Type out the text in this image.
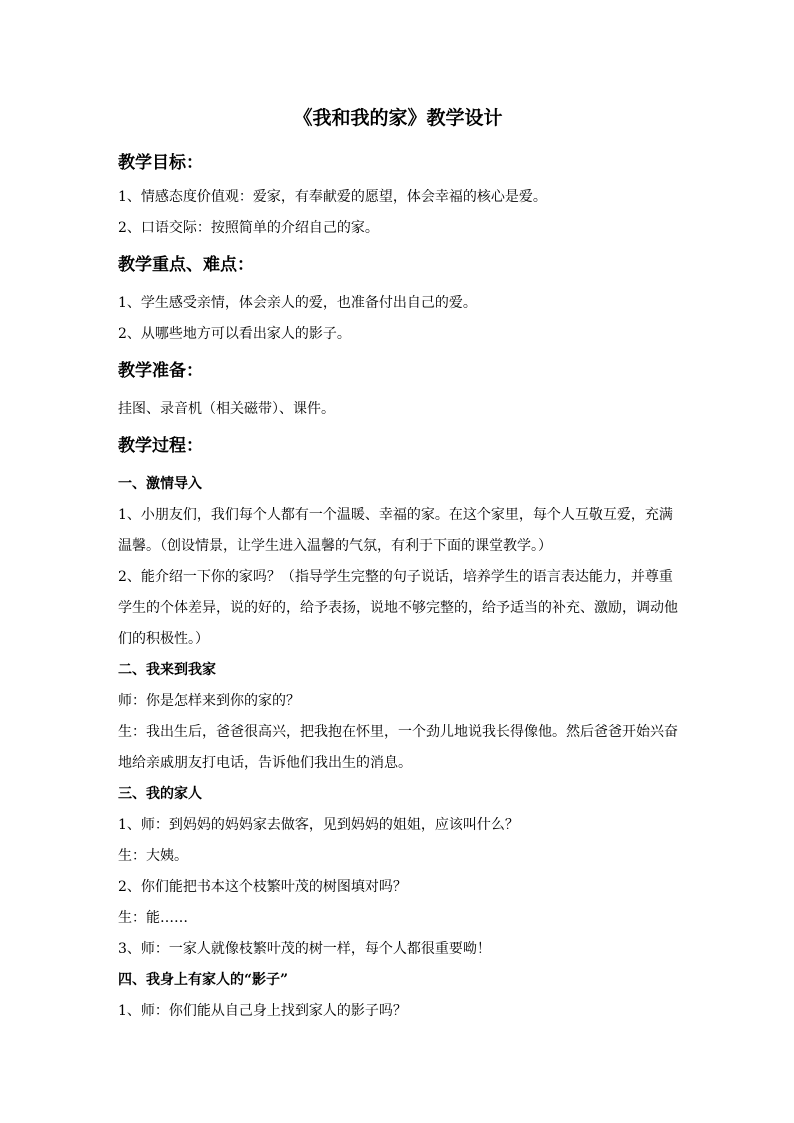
《我和我的家》教学设计
教学目标：
1、情感态度价值观：爱家，有奉献爱的愿望，体会幸福的核心是爱。
2、口语交际：按照简单的介绍自己的家。
教学重点、难点：
1、学生感受亲情，体会亲人的爱，也准备付出自己的爱。
2、从哪些地方可以看出家人的影子。
教学准备：
挂图、录音机（相关磁带）、课件。
教学过程：
一、激情导入
1、小朋友们，我们每个人都有一个温暖、幸福的家。在这个家里，每个人互敬互爱，充满温馨。（创设情景，让学生进入温馨的气氛，有利于下面的课堂教学。）
2、能介绍一下你的家吗？（指导学生完整的句子说话，培养学生的语言表达能力，并尊重学生的个体差异，说的好的，给予表扬，说地不够完整的，给予适当的补充、激励，调动他们的积极性。）
二、我来到我家
师：你是怎样来到你的家的？
生：我出生后，爸爸很高兴，把我抱在怀里，一个劲儿地说我长得像他。然后爸爸开始兴奋地给亲戚朋友打电话，告诉他们我出生的消息。
三、我的家人
1、师：到妈妈的妈妈家去做客，见到妈妈的姐姐，应该叫什么？
生：大姨。
2、你们能把书本这个枝繁叶茂的树图填对吗？
生：能……
3、师：一家人就像枝繁叶茂的树一样，每个人都很重要呦！
四、我身上有家人的“影子”
1、师：你们能从自己身上找到家人的影子吗？
